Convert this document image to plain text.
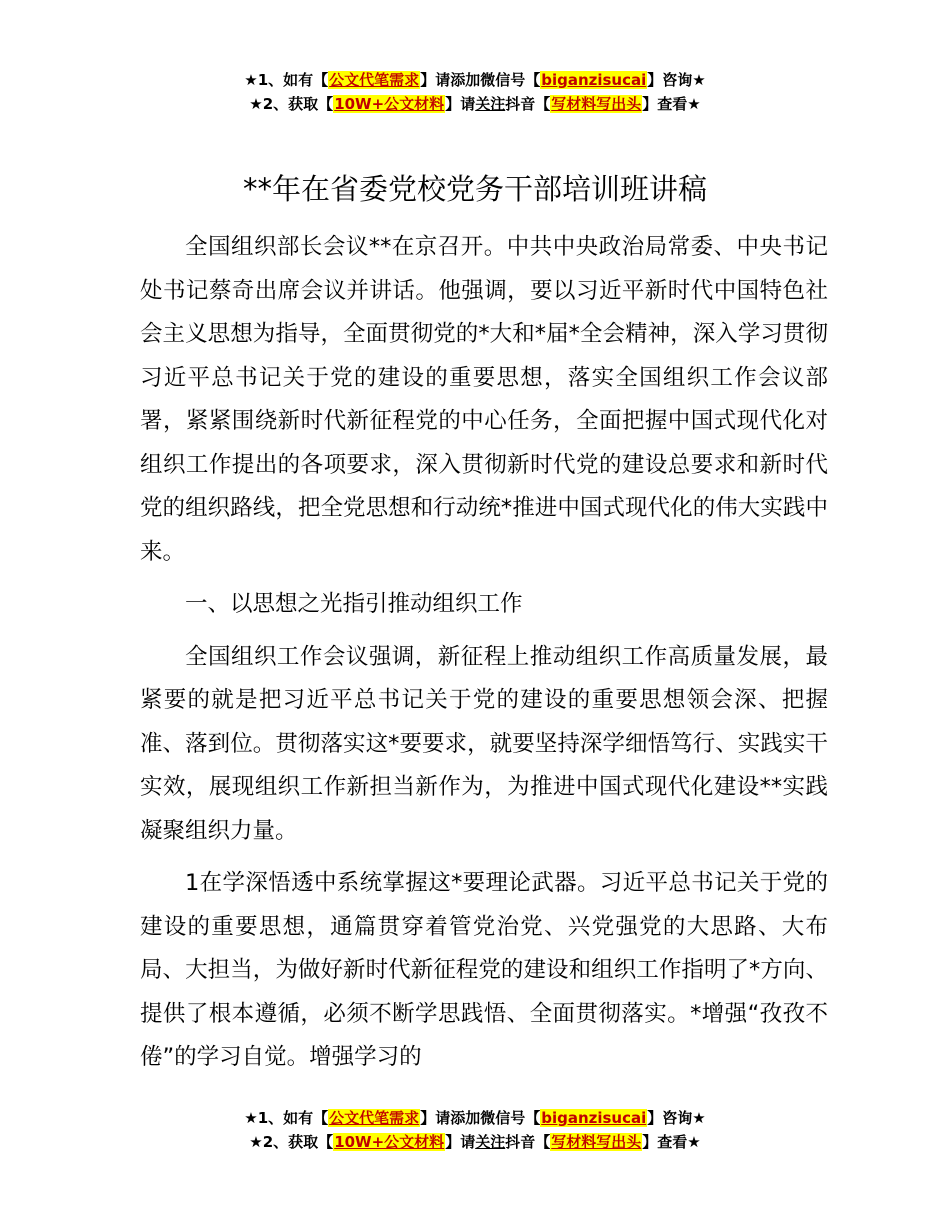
★1、如有【公文代笔需求】请添加微信号【biganzisucai】咨询★
★2、获取【10W+公文材料】请关注抖音【写材料写出头】查看★
**年在省委党校党务干部培训班讲稿

全国组织部长会议**在京召开。中共中央政治局常委、中央书记处书记蔡奇出席会议并讲话。他强调，要以习近平新时代中国特色社会主义思想为指导，全面贯彻党的*大和*届*全会精神，深入学习贯彻习近平总书记关于党的建设的重要思想，落实全国组织工作会议部署，紧紧围绕新时代新征程党的中心任务，全面把握中国式现代化对组织工作提出的各项要求，深入贯彻新时代党的建设总要求和新时代党的组织路线，把全党思想和行动统*推进中国式现代化的伟大实践中来。

一、以思想之光指引推动组织工作

全国组织工作会议强调，新征程上推动组织工作高质量发展，最紧要的就是把习近平总书记关于党的建设的重要思想领会深、把握准、落到位。贯彻落实这*要要求，就要坚持深学细悟笃行、实践实干实效，展现组织工作新担当新作为，为推进中国式现代化建设**实践凝聚组织力量。

1在学深悟透中系统掌握这*要理论武器。习近平总书记关于党的建设的重要思想，通篇贯穿着管党治党、兴党强党的大思路、大布局、大担当，为做好新时代新征程党的建设和组织工作指明了*方向、提供了根本遵循，必须不断学思践悟、全面贯彻落实。*增强“孜孜不倦”的学习自觉。增强学习的

★1、如有【公文代笔需求】请添加微信号【biganzisucai】咨询★
★2、获取【10W+公文材料】请关注抖音【写材料写出头】查看★
